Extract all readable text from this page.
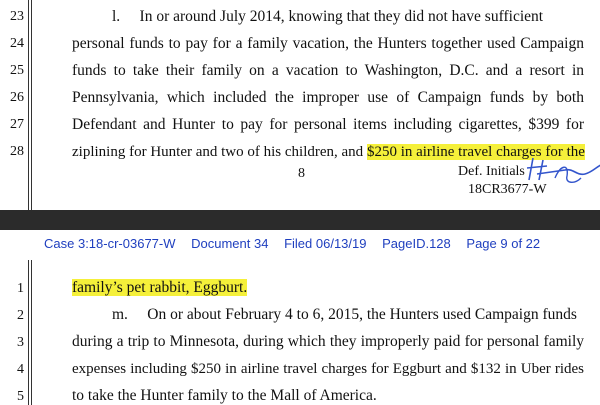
23
24
25
26
27
28
l.     In or around July 2014, knowing that they did not have sufficient
personal funds to pay for a family vacation, the Hunters together used Campaign
funds to take their family on a vacation to Washington, D.C. and a resort in
Pennsylvania, which included the improper use of Campaign funds by both
Defendant and Hunter to pay for personal items including cigarettes, $399 for
ziplining for Hunter and two of his children, and $250 in airline travel charges for the
8	Def. Initials
18CR3677-W
Case 3:18-cr-03677-W Document 34 Filed 06/13/19 PageID.128 Page 9 of 22
1
2
3
4
5
family’s pet rabbit, Eggburt.
m.     On or about February 4 to 6, 2015, the Hunters used Campaign funds
during a trip to Minnesota, during which they improperly paid for personal family
expenses including $250 in airline travel charges for Eggburt and $132 in Uber rides
to take the Hunter family to the Mall of America.
